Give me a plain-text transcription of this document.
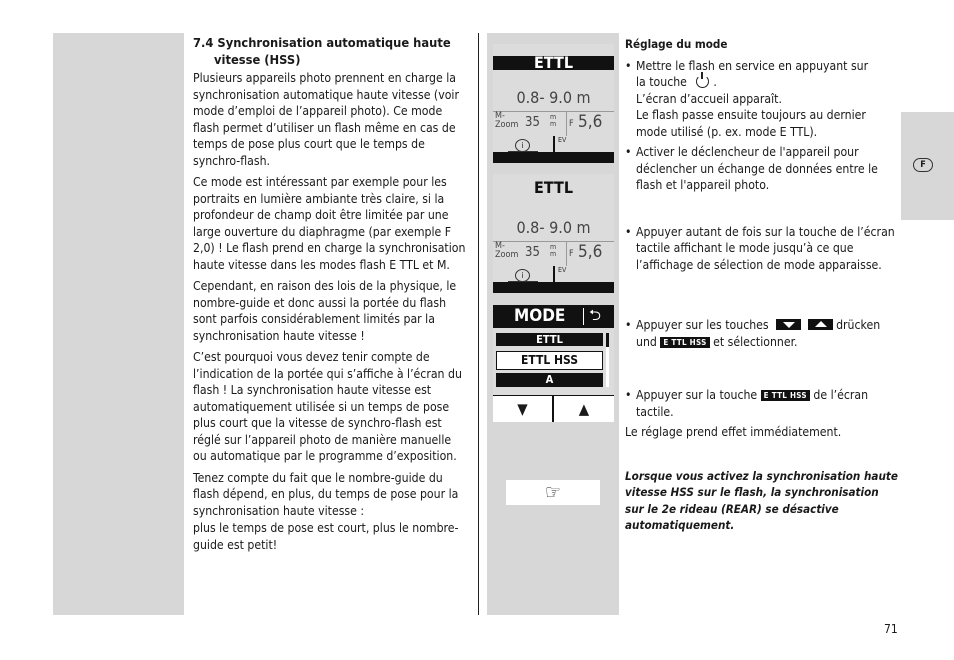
F
7.4 Synchronisation automatique haute
vitesse (HSS)

Plusieurs appareils photo prennent en charge la synchronisation automatique haute vitesse (voir mode d’emploi de l’appareil photo). Ce mode flash permet d’utiliser un flash même en cas de temps de pose plus court que le temps de synchro-flash.

Ce mode est intéressant par exemple pour les portraits en lumière ambiante très claire, si la profondeur de champ doit être limitée par une large ouverture du diaphragme (par exemple F 2,0) ! Le flash prend en charge la synchronisation haute vitesse dans les modes flash E TTL et M.

Cependant, en raison des lois de la physique, le nombre-guide et donc aussi la portée du flash sont parfois considérablement limités par la synchronisation haute vitesse !

C’est pourquoi vous devez tenir compte de l’indication de la portée qui s’affiche à l’écran du flash ! La synchronisation haute vitesse est automatiquement utilisée si un temps de pose plus court que la vitesse de synchro-flash est réglé sur l’appareil photo de manière manuelle ou automatique par le programme d’exposition.

Tenez compte du fait que le nombre-guide du flash dépend, en plus, du temps de pose pour la synchronisation haute vitesse :

plus le temps de pose est court, plus le nombre-guide est petit!

ETTL
0.8- 9.0 m
M-
Zoom 35 m
m F 5,6
i
EV
ETTL
0.8- 9.0 m
M-
Zoom 35 m
m F 5,6
i
EV
MODE ⮌
ETTL
ETTL HSS
A
▼	▲
☞
Réglage du mode
• Mettre le flash en service en appuyant sur
la touche .
L’écran d’accueil apparaît.
Le flash passe ensuite toujours au dernier
mode utilisé (p. ex. mode E TTL).
• Activer le déclencheur de l'appareil pour déclencher un échange de données entre le flash et l'appareil photo.
• Appuyer autant de fois sur la touche de l’écran tactile affichant le mode jusqu’à ce que l’affichage de sélection de mode apparaisse.
• Appuyer sur les touches	drücken
und E TTL HSS et sélectionner.
• Appuyer sur la touche E TTL HSS de l’écran
tactile.

Le réglage prend effet immédiatement.

Lorsque vous activez la synchronisation haute vitesse HSS sur le flash, la synchronisation sur le 2e rideau (REAR) se désactive automatiquement.

71
